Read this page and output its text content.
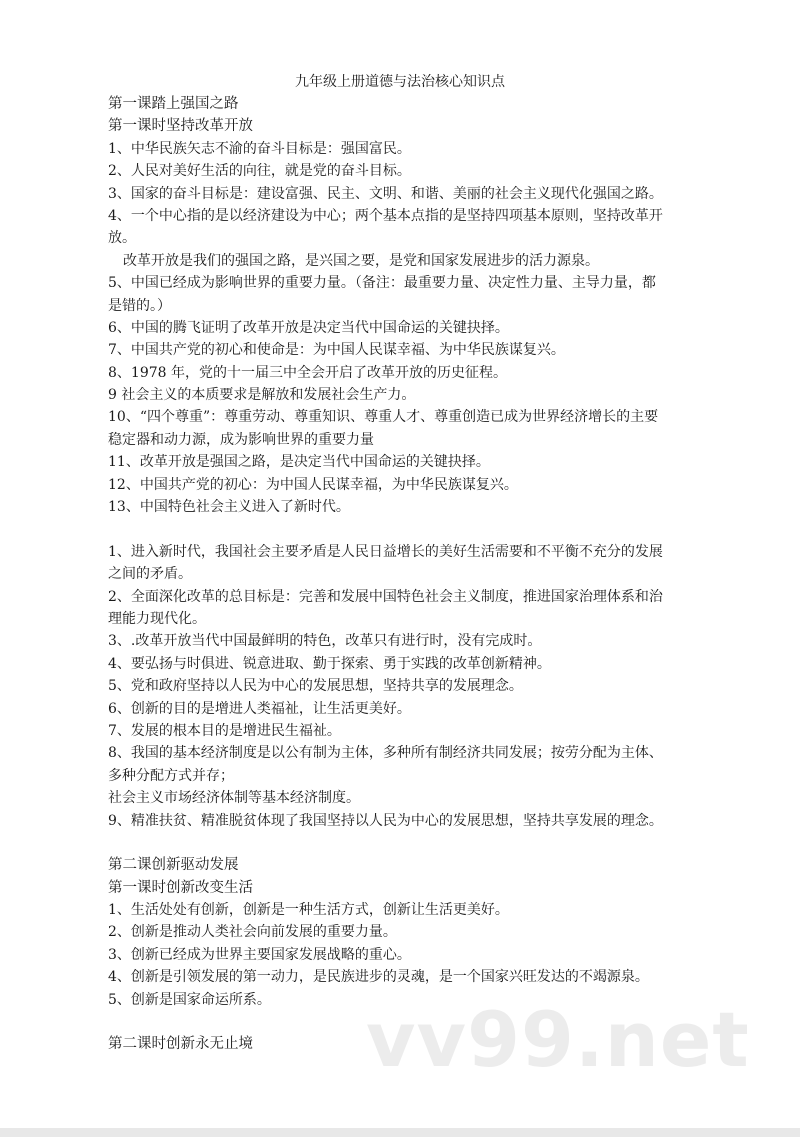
九年级上册道德与法治核心知识点
第一课踏上强国之路
第一课时坚持改革开放
1、中华民族矢志不渝的奋斗目标是：强国富民。
2、人民对美好生活的向往，就是党的奋斗目标。
3、国家的奋斗目标是：建设富强、民主、文明、和谐、美丽的社会主义现代化强国之路。
4、一个中心指的是以经济建设为中心；两个基本点指的是坚持四项基本原则，坚持改革开
放。
改革开放是我们的强国之路，是兴国之要，是党和国家发展进步的活力源泉。
5、中国已经成为影响世界的重要力量。（备注：最重要力量、决定性力量、主导力量，都
是错的。）
6、中国的腾飞证明了改革开放是决定当代中国命运的关键抉择。
7、中国共产党的初心和使命是：为中国人民谋幸福、为中华民族谋复兴。
8、1978 年，党的十一届三中全会开启了改革开放的历史征程。
9 社会主义的本质要求是解放和发展社会生产力。
10、“四个尊重”：尊重劳动、尊重知识、尊重人才、尊重创造已成为世界经济增长的主要
稳定器和动力源，成为影响世界的重要力量
11、改革开放是强国之路，是决定当代中国命运的关键抉择。
12、中国共产党的初心：为中国人民谋幸福，为中华民族谋复兴。
13、中国特色社会主义进入了新时代。
1、进入新时代，我国社会主要矛盾是人民日益增长的美好生活需要和不平衡不充分的发展
之间的矛盾。
2、全面深化改革的总目标是：完善和发展中国特色社会主义制度，推进国家治理体系和治
理能力现代化。
3、.改革开放当代中国最鲜明的特色，改革只有进行时，没有完成时。
4、要弘扬与时俱进、锐意进取、勤于探索、勇于实践的改革创新精神。
5、党和政府坚持以人民为中心的发展思想，坚持共享的发展理念。
6、创新的目的是增进人类福祉，让生活更美好。
7、发展的根本目的是增进民生福祉。
8、我国的基本经济制度是以公有制为主体，多种所有制经济共同发展；按劳分配为主体、
多种分配方式并存；
社会主义市场经济体制等基本经济制度。
9、精准扶贫、精准脱贫体现了我国坚持以人民为中心的发展思想，坚持共享发展的理念。
第二课创新驱动发展
第一课时创新改变生活
1、生活处处有创新，创新是一种生活方式，创新让生活更美好。
2、创新是推动人类社会向前发展的重要力量。
3、创新已经成为世界主要国家发展战略的重心。
4、创新是引领发展的第一动力，是民族进步的灵魂，是一个国家兴旺发达的不竭源泉。
5、创新是国家命运所系。
第二课时创新永无止境	vv99.net
